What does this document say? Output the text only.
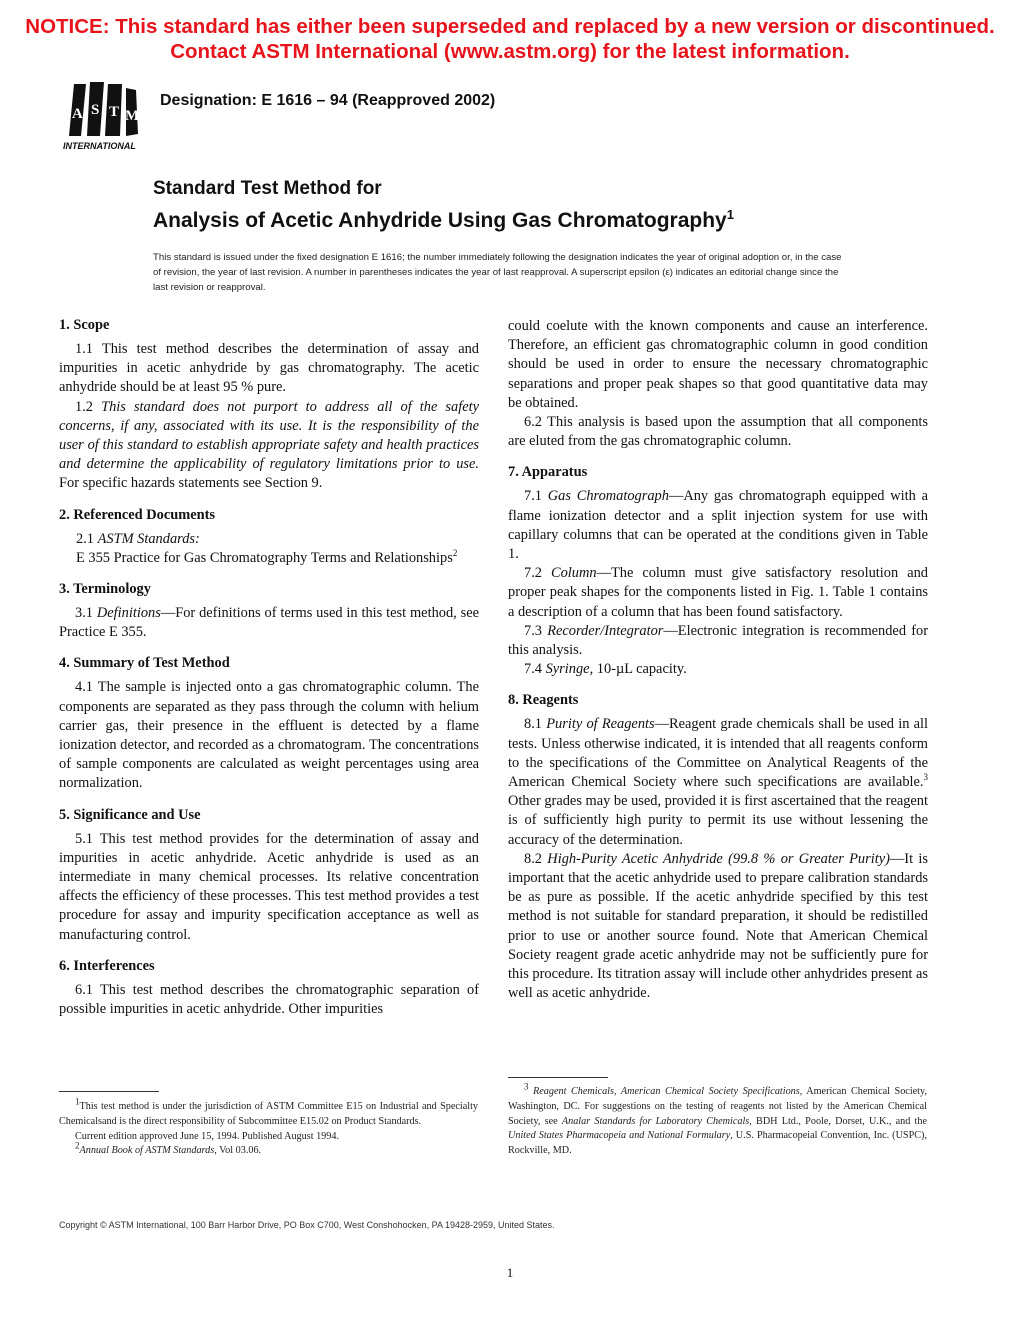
NOTICE: This standard has either been superseded and replaced by a new version or discontinued.
Contact ASTM International (www.astm.org) for the latest information.
A S T M
INTERNATIONAL
Designation: E 1616 – 94 (Reapproved 2002)
Standard Test Method for
Analysis of Acetic Anhydride Using Gas Chromatography$^1$
This standard is issued under the fixed designation E 1616; the number immediately following the designation indicates the year of original adoption or, in the case of revision, the year of last revision. A number in parentheses indicates the year of last reapproval. A superscript epsilon (ε) indicates an editorial change since the last revision or reapproval.
1. Scope

1.1 This test method describes the determination of assay and impurities in acetic anhydride by gas chromatography. The acetic anhydride should be at least 95 % pure.

1.2 This standard does not purport to address all of the safety concerns, if any, associated with its use. It is the responsibility of the user of this standard to establish appropriate safety and health practices and determine the applicability of regulatory limitations prior to use. For specific hazards statements see Section 9.

2. Referenced Documents

2.1 ASTM Standards:

E 355 Practice for Gas Chromatography Terms and Relationships$^2$

3. Terminology

3.1 Definitions—For definitions of terms used in this test method, see Practice E 355.

4. Summary of Test Method

4.1 The sample is injected onto a gas chromatographic column. The components are separated as they pass through the column with helium carrier gas, their presence in the effluent is detected by a flame ionization detector, and recorded as a chromatogram. The concentrations of sample components are calculated as weight percentages using area normalization.

5. Significance and Use

5.1 This test method provides for the determination of assay and impurities in acetic anhydride. Acetic anhydride is used as an intermediate in many chemical processes. Its relative concentration affects the efficiency of these processes. This test method provides a test procedure for assay and impurity specification acceptance as well as manufacturing control.

6. Interferences

6.1 This test method describes the chromatographic separation of possible impurities in acetic anhydride. Other impurities

could coelute with the known components and cause an interference. Therefore, an efficient gas chromatographic column in good condition should be used in order to ensure the necessary chromatographic separations and proper peak shapes so that good quantitative data may be obtained.

6.2 This analysis is based upon the assumption that all components are eluted from the gas chromatographic column.

7. Apparatus

7.1 Gas Chromatograph—Any gas chromatograph equipped with a flame ionization detector and a split injection system for use with capillary columns that can be operated at the conditions given in Table 1.

7.2 Column—The column must give satisfactory resolution and proper peak shapes for the components listed in Fig. 1. Table 1 contains a description of a column that has been found satisfactory.

7.3 Recorder/Integrator—Electronic integration is recommended for this analysis.

7.4 Syringe, 10-µL capacity.

8. Reagents

8.1 Purity of Reagents—Reagent grade chemicals shall be used in all tests. Unless otherwise indicated, it is intended that all reagents conform to the specifications of the Committee on Analytical Reagents of the American Chemical Society where such specifications are available.$^3$ Other grades may be used, provided it is first ascertained that the reagent is of sufficiently high purity to permit its use without lessening the accuracy of the determination.

8.2 High-Purity Acetic Anhydride (99.8 % or Greater Purity)—It is important that the acetic anhydride used to prepare calibration standards be as pure as possible. If the acetic anhydride specified by this test method is not suitable for standard preparation, it should be redistilled prior to use or another source found. Note that American Chemical Society reagent grade acetic anhydride may not be sufficiently pure for this procedure. Its titration assay will include other anhydrides present as well as acetic anhydride.

1This test method is under the jurisdiction of ASTM Committee E15 on Industrial and Specialty Chemicalsand is the direct responsibility of Subcommittee E15.02 on Product Standards.

Current edition approved June 15, 1994. Published August 1994.

2Annual Book of ASTM Standards, Vol 03.06.

3 Reagent Chemicals, American Chemical Society Specifications, American Chemical Society, Washington, DC. For suggestions on the testing of reagents not listed by the American Chemical Society, see Analar Standards for Laboratory Chemicals, BDH Ltd., Poole, Dorset, U.K., and the United States Pharmacopeia and National Formulary, U.S. Pharmacopeial Convention, Inc. (USPC), Rockville, MD.

Copyright © ASTM International, 100 Barr Harbor Drive, PO Box C700, West Conshohocken, PA 19428-2959, United States.
1
